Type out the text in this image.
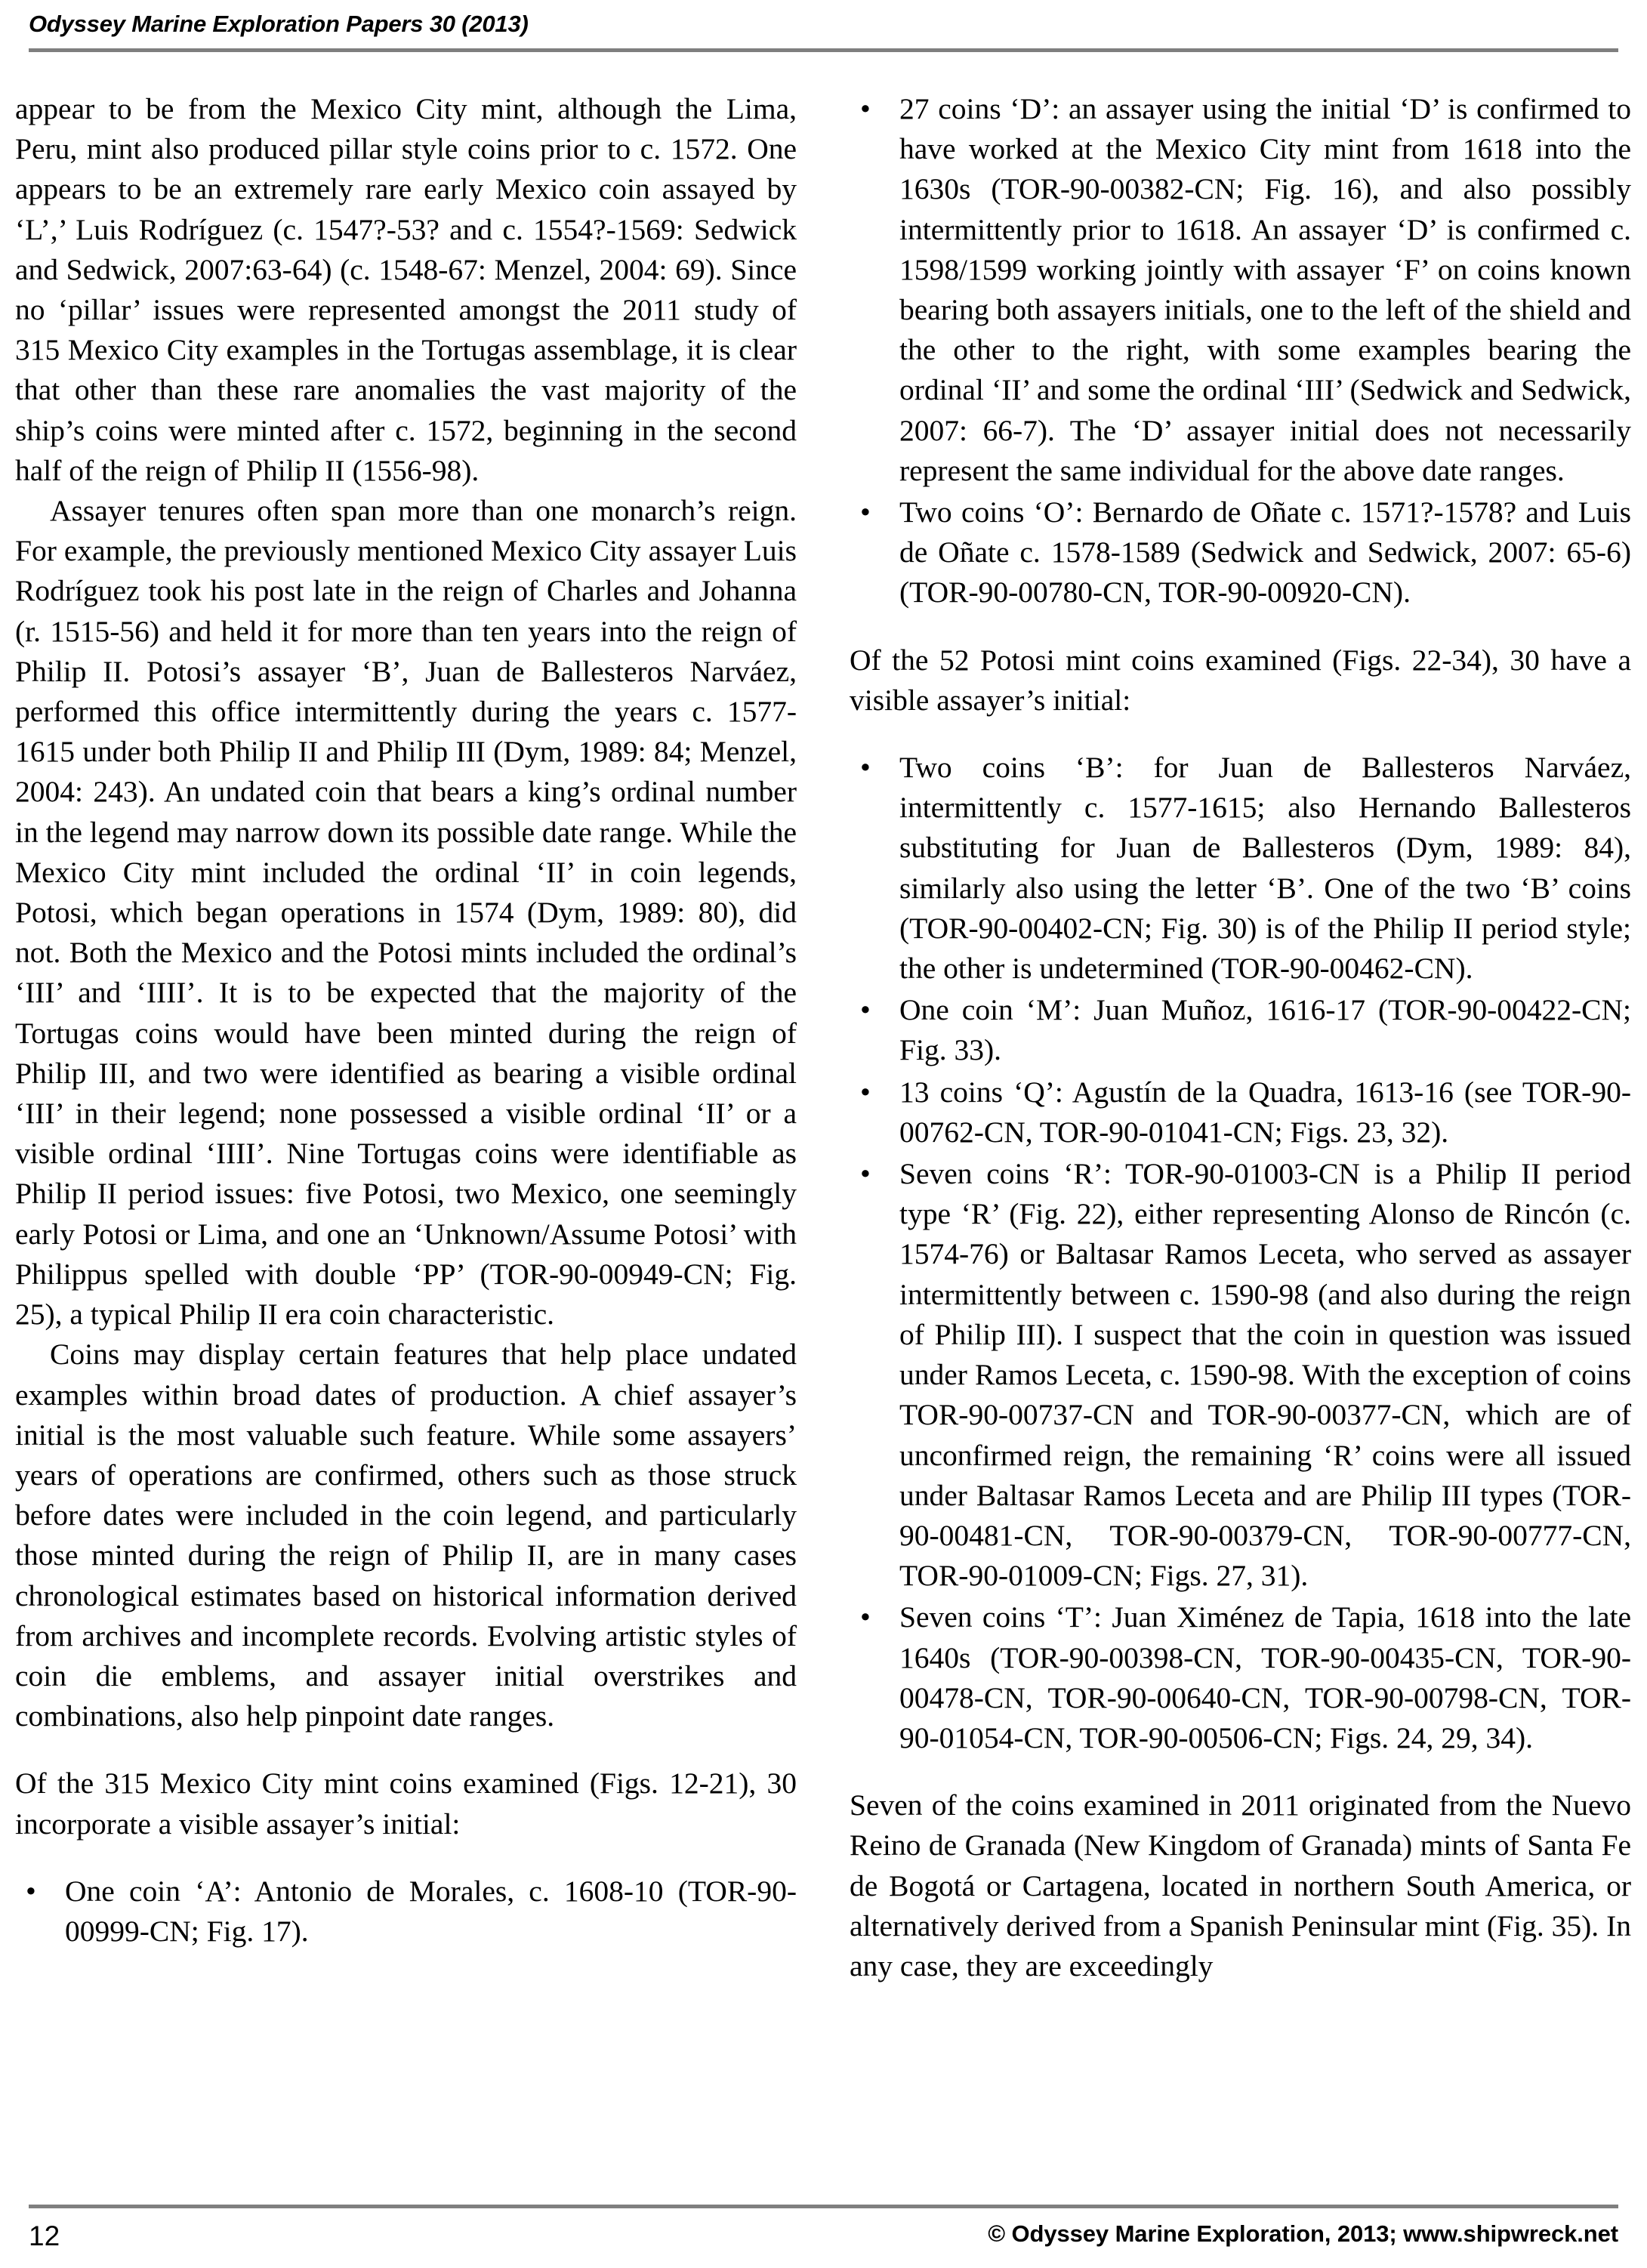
Odyssey Marine Exploration Papers 30 (2013)

appear to be from the Mexico City mint, although the Lima, Peru, mint also produced pillar style coins prior to c. 1572. One appears to be an extremely rare early Mexico coin assayed by ‘L’,’ Luis Rodríguez (c. 1547?-53? and c. 1554?-1569: Sedwick and Sedwick, 2007:63-64) (c. 1548-67: Menzel, 2004: 69). Since no ‘pillar’ issues were represented amongst the 2011 study of 315 Mexico City examples in the Tortugas assemblage, it is clear that other than these rare anomalies the vast majority of the ship’s coins were minted after c. 1572, beginning in the second half of the reign of Philip II (1556-98).

Assayer tenures often span more than one monarch’s reign. For example, the previously mentioned Mexico City assayer Luis Rodríguez took his post late in the reign of Charles and Johanna (r. 1515-56) and held it for more than ten years into the reign of Philip II. Potosi’s assayer ‘B’, Juan de Ballesteros Narváez, performed this office intermittently during the years c. 1577-1615 under both Philip II and Philip III (Dym, 1989: 84; Menzel, 2004: 243). An undated coin that bears a king’s ordinal number in the legend may narrow down its possible date range. While the Mexico City mint included the ordinal ‘II’ in coin legends, Potosi, which began operations in 1574 (Dym, 1989: 80), did not. Both the Mexico and the Potosi mints included the ordinal’s ‘III’ and ‘IIII’. It is to be expected that the majority of the Tortugas coins would have been minted during the reign of Philip III, and two were identified as bearing a visible ordinal ‘III’ in their legend; none possessed a visible ordinal ‘II’ or a visible ordinal ‘IIII’. Nine Tortugas coins were identifiable as Philip II period issues: five Potosi, two Mexico, one seemingly early Potosi or Lima, and one an ‘Unknown/Assume Potosi’ with Philippus spelled with double ‘PP’ (TOR-90-00949-CN; Fig. 25), a typical Philip II era coin characteristic.

Coins may display certain features that help place undated examples within broad dates of production. A chief assayer’s initial is the most valuable such feature. While some assayers’ years of operations are confirmed, others such as those struck before dates were included in the coin legend, and particularly those minted during the reign of Philip II, are in many cases chronological estimates based on historical information derived from archives and incomplete records. Evolving artistic styles of coin die emblems, and assayer initial overstrikes and combinations, also help pinpoint date ranges.

Of the 315 Mexico City mint coins examined (Figs. 12-21), 30 incorporate a visible assayer’s initial:

• One coin ‘A’: Antonio de Morales, c. 1608-10 (TOR-90-00999-CN; Fig. 17).
• 27 coins ‘D’: an assayer using the initial ‘D’ is confirmed to have worked at the Mexico City mint from 1618 into the 1630s (TOR-90-00382-CN; Fig. 16), and also possibly intermittently prior to 1618. An assayer ‘D’ is confirmed c. 1598/1599 working jointly with assayer ‘F’ on coins known bearing both assayers initials, one to the left of the shield and the other to the right, with some examples bearing the ordinal ‘II’ and some the ordinal ‘III’ (Sedwick and Sedwick, 2007: 66-7). The ‘D’ assayer initial does not necessarily represent the same individual for the above date ranges.
• Two coins ‘O’: Bernardo de Oñate c. 1571?-1578? and Luis de Oñate c. 1578-1589 (Sedwick and Sedwick, 2007: 65-6) (TOR-90-00780-CN, TOR-90-00920-CN).

Of the 52 Potosi mint coins examined (Figs. 22-34), 30 have a visible assayer’s initial:

• Two coins ‘B’: for Juan de Ballesteros Narváez, intermittently c. 1577-1615; also Hernando Ballesteros substituting for Juan de Ballesteros (Dym, 1989: 84), similarly also using the letter ‘B’. One of the two ‘B’ coins (TOR-90-00402-CN; Fig. 30) is of the Philip II period style; the other is undetermined (TOR-90-00462-CN).
• One coin ‘M’: Juan Muñoz, 1616-17 (TOR-90-00422-CN; Fig. 33).
• 13 coins ‘Q’: Agustín de la Quadra, 1613-16 (see TOR-90-00762-CN, TOR-90-01041-CN; Figs. 23, 32).
• Seven coins ‘R’: TOR-90-01003-CN is a Philip II period type ‘R’ (Fig. 22), either representing Alonso de Rincón (c. 1574-76) or Baltasar Ramos Leceta, who served as assayer intermittently between c. 1590-98 (and also during the reign of Philip III). I suspect that the coin in question was issued under Ramos Leceta, c. 1590-98. With the exception of coins TOR-90-00737-CN and TOR-90-00377-CN, which are of unconfirmed reign, the remaining ‘R’ coins were all issued under Baltasar Ramos Leceta and are Philip III types (TOR-90-00481-CN, TOR-90-00379-CN, TOR-90-00777-CN, TOR-90-01009-CN; Figs. 27, 31).
• Seven coins ‘T’: Juan Ximénez de Tapia, 1618 into the late 1640s (TOR-90-00398-CN, TOR-90-00435-CN, TOR-90-00478-CN, TOR-90-00640-CN, TOR-90-00798-CN, TOR-90-01054-CN, TOR-90-00506-CN; Figs. 24, 29, 34).

Seven of the coins examined in 2011 originated from the Nuevo Reino de Granada (New Kingdom of Granada) mints of Santa Fe de Bogotá or Cartagena, located in northern South America, or alternatively derived from a Spanish Peninsular mint (Fig. 35). In any case, they are exceedingly

12	© Odyssey Marine Exploration, 2013; www.shipwreck.net
